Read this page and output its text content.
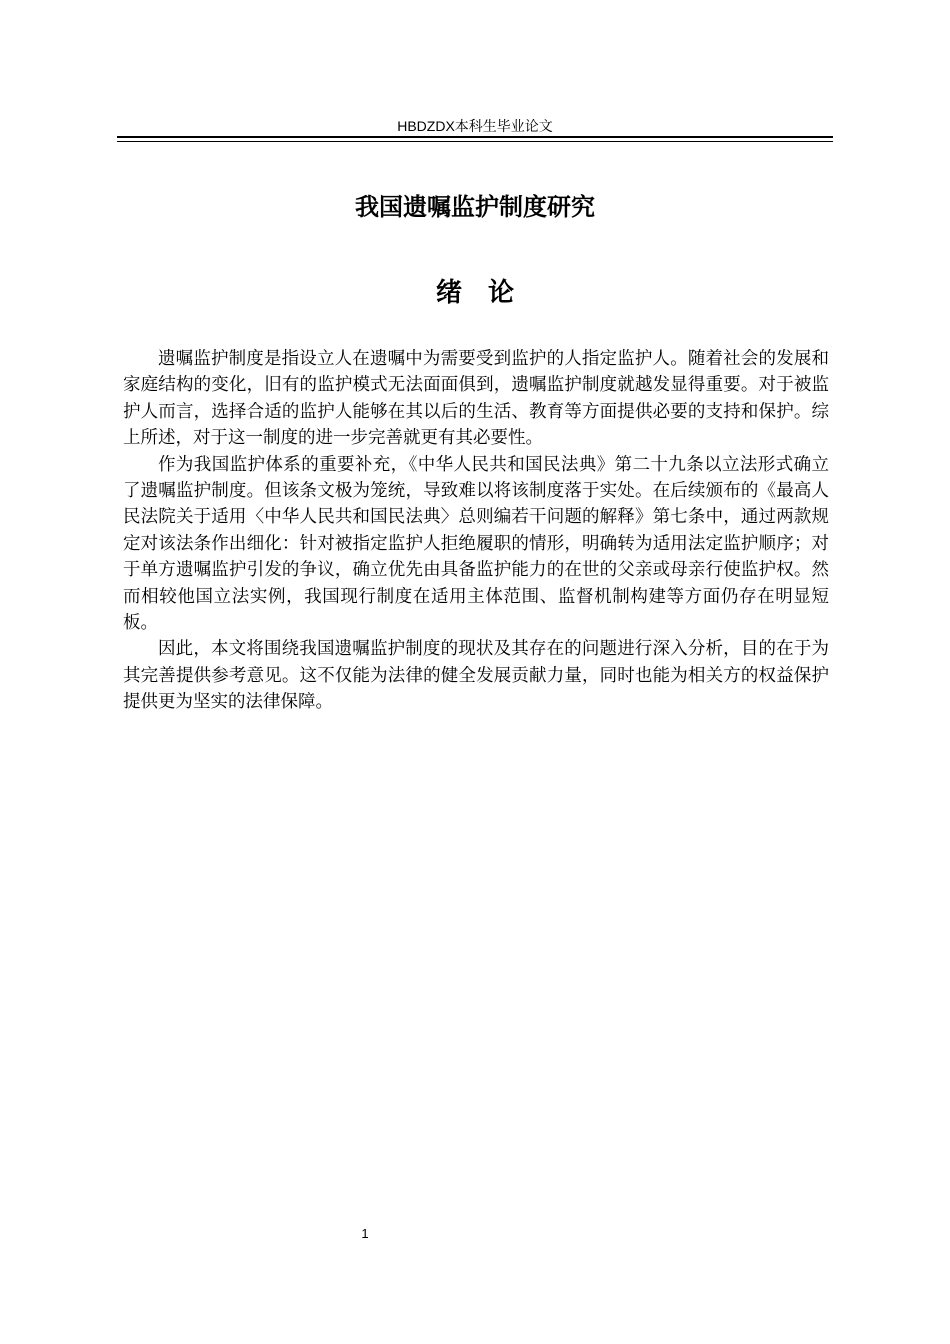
HBDZDX本科生毕业论文
我国遗嘱监护制度研究
绪　论

遗嘱监护制度是指设立人在遗嘱中为需要受到监护的人指定监护人。随着社会的发展和家庭结构的变化，旧有的监护模式无法面面俱到，遗嘱监护制度就越发显得重要。对于被监护人而言，选择合适的监护人能够在其以后的生活、教育等方面提供必要的支持和保护。综上所述，对于这一制度的进一步完善就更有其必要性。

作为我国监护体系的重要补充，《中华人民共和国民法典》第二十九条以立法形式确立了遗嘱监护制度。但该条文极为笼统，导致难以将该制度落于实处。在后续颁布的《最高人民法院关于适用〈中华人民共和国民法典〉总则编若干问题的解释》第七条中，通过两款规定对该法条作出细化：针对被指定监护人拒绝履职的情形，明确转为适用法定监护顺序；对于单方遗嘱监护引发的争议，确立优先由具备监护能力的在世的父亲或母亲行使监护权。然而相较他国立法实例，我国现行制度在适用主体范围、监督机制构建等方面仍存在明显短板。

因此，本文将围绕我国遗嘱监护制度的现状及其存在的问题进行深入分析，目的在于为其完善提供参考意见。这不仅能为法律的健全发展贡献力量，同时也能为相关方的权益保护提供更为坚实的法律保障。

1
